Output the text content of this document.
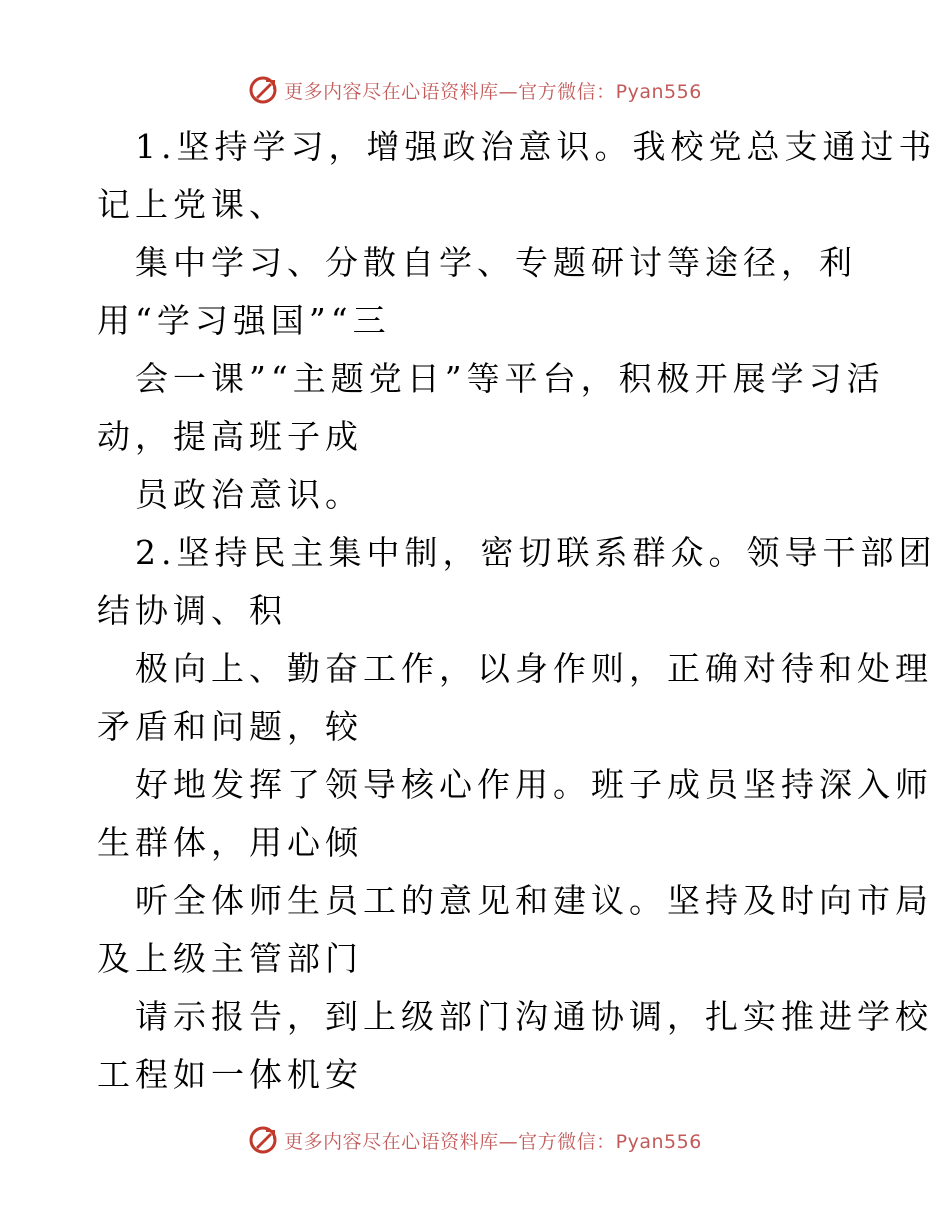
更多内容尽在心语资料库—官方微信：Pyan556
1.坚持学习，增强政治意识。我校党总支通过书
记上党课、
集中学习、分散自学、专题研讨等途径，利
用“学习强国”“三
会一课”“主题党日”等平台，积极开展学习活
动，提高班子成
员政治意识。
2.坚持民主集中制，密切联系群众。领导干部团
结协调、积
极向上、勤奋工作，以身作则，正确对待和处理
矛盾和问题，较
好地发挥了领导核心作用。班子成员坚持深入师
生群体，用心倾
听全体师生员工的意见和建议。坚持及时向市局
及上级主管部门
请示报告，到上级部门沟通协调，扎实推进学校
工程如一体机安
更多内容尽在心语资料库—官方微信：Pyan556
